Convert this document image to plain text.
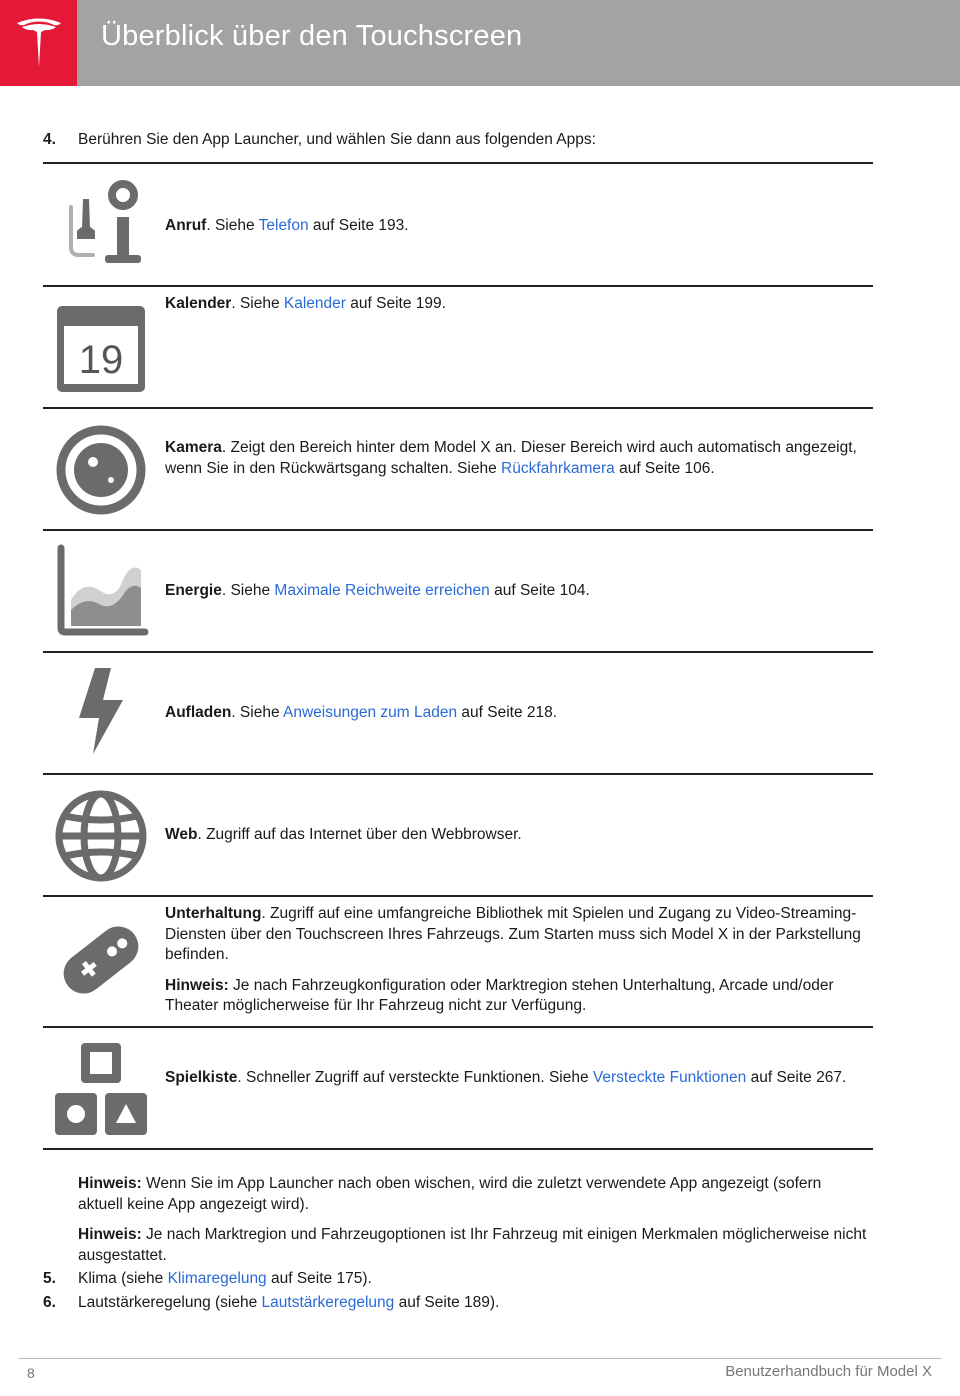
Überblick über den Touchscreen
4. Berühren Sie den App Launcher, und wählen Sie dann aus folgenden Apps:
Anruf. Siehe Telefon auf Seite 193.
19
Kalender. Siehe Kalender auf Seite 199.
Kamera. Zeigt den Bereich hinter dem Model X an. Dieser Bereich wird auch automatisch angezeigt, wenn Sie in den Rückwärtsgang schalten. Siehe Rückfahrkamera auf Seite 106.
Energie. Siehe Maximale Reichweite erreichen auf Seite 104.
Aufladen. Siehe Anweisungen zum Laden auf Seite 218.
Web. Zugriff auf das Internet über den Webbrowser.

Unterhaltung. Zugriff auf eine umfangreiche Bibliothek mit Spielen und Zugang zu Video-Streaming-Diensten über den Touchscreen Ihres Fahrzeugs. Zum Starten muss sich Model X in der Parkstellung befinden.

Hinweis: Je nach Fahrzeugkonfiguration oder Marktregion stehen Unterhaltung, Arcade und/oder Theater möglicherweise für Ihr Fahrzeug nicht zur Verfügung.

Spielkiste. Schneller Zugriff auf versteckte Funktionen. Siehe Versteckte Funktionen auf Seite 267.
Hinweis: Wenn Sie im App Launcher nach oben wischen, wird die zuletzt verwendete App angezeigt (sofern aktuell keine App angezeigt wird).
Hinweis: Je nach Marktregion und Fahrzeugoptionen ist Ihr Fahrzeug mit einigen Merkmalen möglicherweise nicht ausgestattet.
5. Klima (siehe Klimaregelung auf Seite 175).
6. Lautstärkeregelung (siehe Lautstärkeregelung auf Seite 189).
8	Benutzerhandbuch für Model X
